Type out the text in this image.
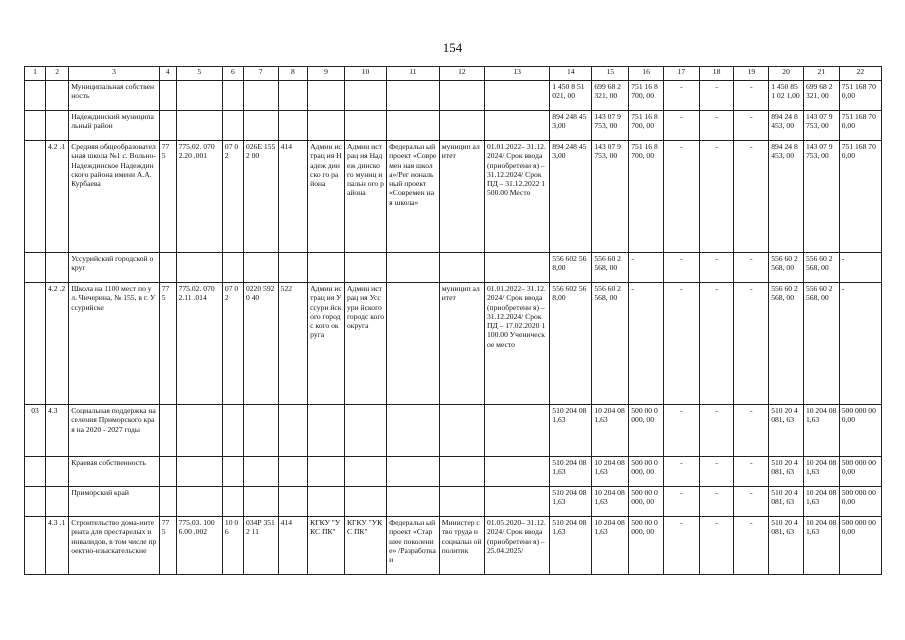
154
1	2	3	4	5	6	7	8	9	10	11	12	13	14	15	16	17	18	19	20	21	22
		Муниципальная собственность											1 450 8 51 021, 00	699 68 2 321, 00	751 16 8 700, 00	-	-	-	1 450 851 02 1,00	699 68 2 321, 00	751 168 700,00
		Надеждинский муниципальный район											894 248 453,00	143 07 9 753, 00	751 16 8 700, 00	-	-	-	894 24 8 453, 00	143 07 9 753, 00	751 168 700,00
	4.2 .1	Средняя общеобразовательная школа №1 с. Вольно-Надеждинское Надеждинского района имени А.А. Курбаева	77 5	775.02. 0702.20 .001	07 02	026Е 1552 00	414	Админ истрац ия Надеж динско го района	Админ истрац ия Надеж динско го муниц ипальн ого района	Федеральн ый проект «Современ ная школа»/Рег иональный проект «Современ ная школа»	муницип алитет	01.01.2022– 31.12.2024/ Срок ввода (приобретени я) – 31.12.2024/ Срок ПД – 31.12.2022 1500.00 Место	894 248 453,00	143 07 9 753, 00	751 16 8 700, 00	-	-	-	894 24 8 453, 00	143 07 9 753, 00	751 168 700,00
		Уссурийский городской округ											556 602 568,00	556 60 2 568, 00	-	-	-	-	556 60 2 568, 00	556 60 2 568, 00	-
	4.2 .2	Школа на 1100 мест по ул. Чичерина, № 155, в г. Уссурийске	77 5	775.02. 0702.11 .014	07 02	0220 5920 40	522	Админ истрац ия Уссури йского городс кого округа	Админ истрац ия Уссури йского городс кого округа		муницип алитет	01.01.2022– 31.12.2024/ Срок ввода (приобретени я) – 31.12.2024/ Срок ПД – 17.02.2020 1100.00 Ученическое место	556 602 568,00	556 60 2 568, 00	-	-	-	-	556 60 2 568, 00	556 60 2 568, 00	-
03	4.3	Социальная поддержка населения Приморского края на 2020 - 2027 годы											510 204 081,63	10 204 081,63	500 00 0 000, 00	-	-	-	510 20 4 081, 63	10 204 081,63	500 000 000,00
		Краевая собственность											510 204 081,63	10 204 081,63	500 00 0 000, 00	-	-	-	510 20 4 081, 63	10 204 081,63	500 000 000,00
		Приморский край											510 204 081,63	10 204 081,63	500 00 0 000, 00	-	-	-	510 20 4 081, 63	10 204 081,63	500 000 000,00
	4.3 .1	Строительство дома-интерната для престарелых и инвалидов, в том числе проектно-изыскательские	77 5	775.03. 1006.00 .002	10 06	034Р 3512 11	414	КГКУ "УКС ПК"	КГКУ "УКС ПК"	Федеральн ый проект «Старшее поколение» /Разработка и	Министер ство труда и социальн ой политик	01.05.2020– 31.12.2024/ Срок ввода (приобретени я) – 25.04.2025/	510 204 081,63	10 204 081,63	500 00 0 000, 00	-	-	-	510 20 4 081, 63	10 204 081,63	500 000 000,00
